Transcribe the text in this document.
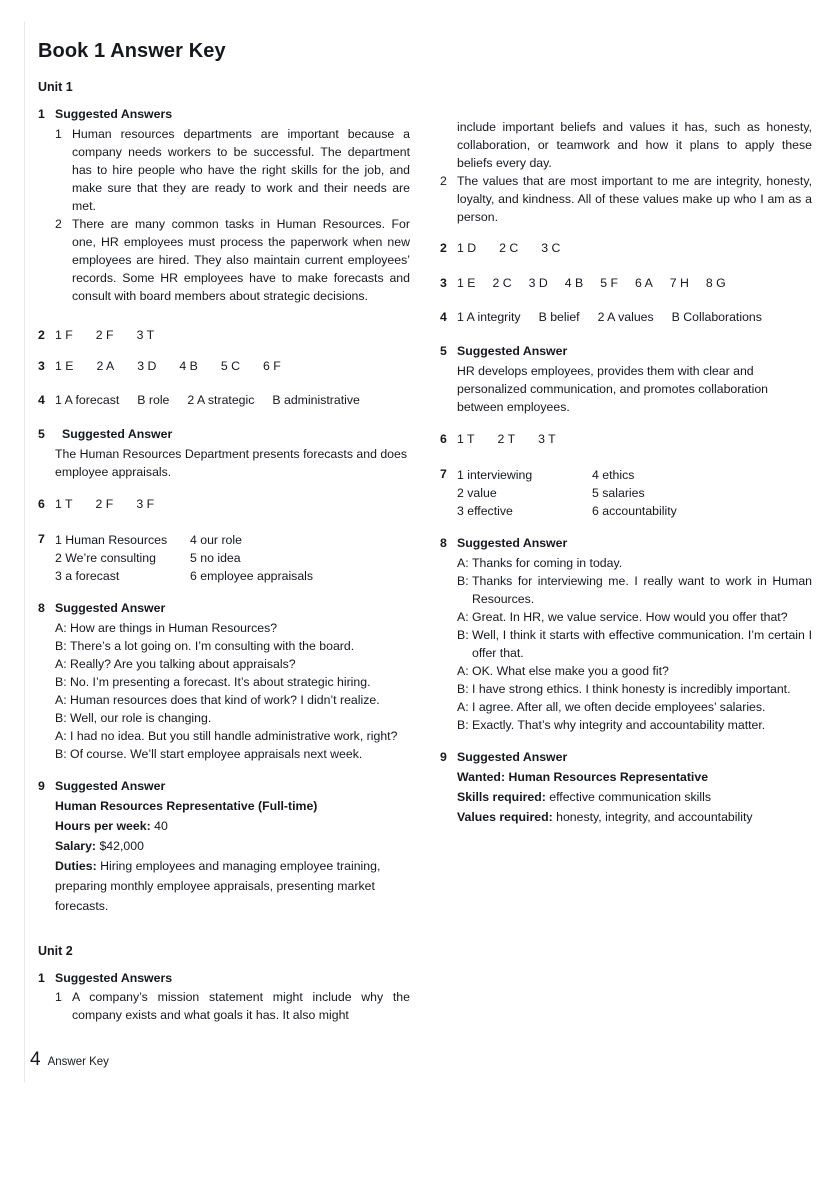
Book 1 Answer Key
Unit 1
1 Suggested Answers
1 Human resources departments are important because a company needs workers to be successful. The department has to hire people who have the right skills for the job, and make sure that they are ready to work and their needs are met.
2 There are many common tasks in Human Resources. For one, HR employees must process the paperwork when new employees are hired. They also maintain current employees’ records. Some HR employees have to make forecasts and consult with board members about strategic decisions.
2 1 F 2 F 3 T
3 1 E 2 A 3 D 4 B 5 C 6 F
4 1 A forecast B role 2 A strategic B administrative
5	Suggested Answer

The Human Resources Department presents forecasts and does employee appraisals.

6 1 T 2 F 3 F
7 1 Human Resources
2 We’re consulting
3 a forecast
4 our role
5 no idea
6 employee appraisals
8 Suggested Answer
A: How are things in Human Resources?
B: There’s a lot going on. I’m consulting with the board.
A: Really? Are you talking about appraisals?
B: No. I’m presenting a forecast. It’s about strategic hiring.
A: Human resources does that kind of work? I didn’t realize.
B: Well, our role is changing.
A: I had no idea. But you still handle administrative work, right?
B: Of course. We’ll start employee appraisals next week.
9 Suggested Answer
Human Resources Representative (Full-time)
Hours per week: 40
Salary: $42,000
Duties: Hiring employees and managing employee training, preparing monthly employee appraisals, presenting market forecasts.
Unit 2
1 Suggested Answers
1 A company’s mission statement might include why the company exists and what goals it has. It also might
include important beliefs and values it has, such as honesty, collaboration, or teamwork and how it plans to apply these beliefs every day.
2 The values that are most important to me are integrity, honesty, loyalty, and kindness. All of these values make up who I am as a person.
2 1 D 2 C 3 C
3 1 E 2 C 3 D 4 B 5 F 6 A 7 H 8 G
4 1 A integrity B belief 2 A values B Collaborations
5 Suggested Answer

HR develops employees, provides them with clear and personalized communication, and promotes collaboration between employees.

6 1 T 2 T 3 T
7 1 interviewing
2 value
3 effective
4 ethics
5 salaries
6 accountability
8 Suggested Answer
A: Thanks for coming in today.
B: Thanks for interviewing me. I really want to work in Human Resources.
A: Great. In HR, we value service. How would you offer that?
B: Well, I think it starts with effective communication. I’m certain I offer that.
A: OK. What else make you a good fit?
B: I have strong ethics. I think honesty is incredibly important.
A: I agree. After all, we often decide employees’ salaries.
B: Exactly. That’s why integrity and accountability matter.
9 Suggested Answer
Wanted: Human Resources Representative
Skills required: effective communication skills
Values required: honesty, integrity, and accountability
4 Answer Key
